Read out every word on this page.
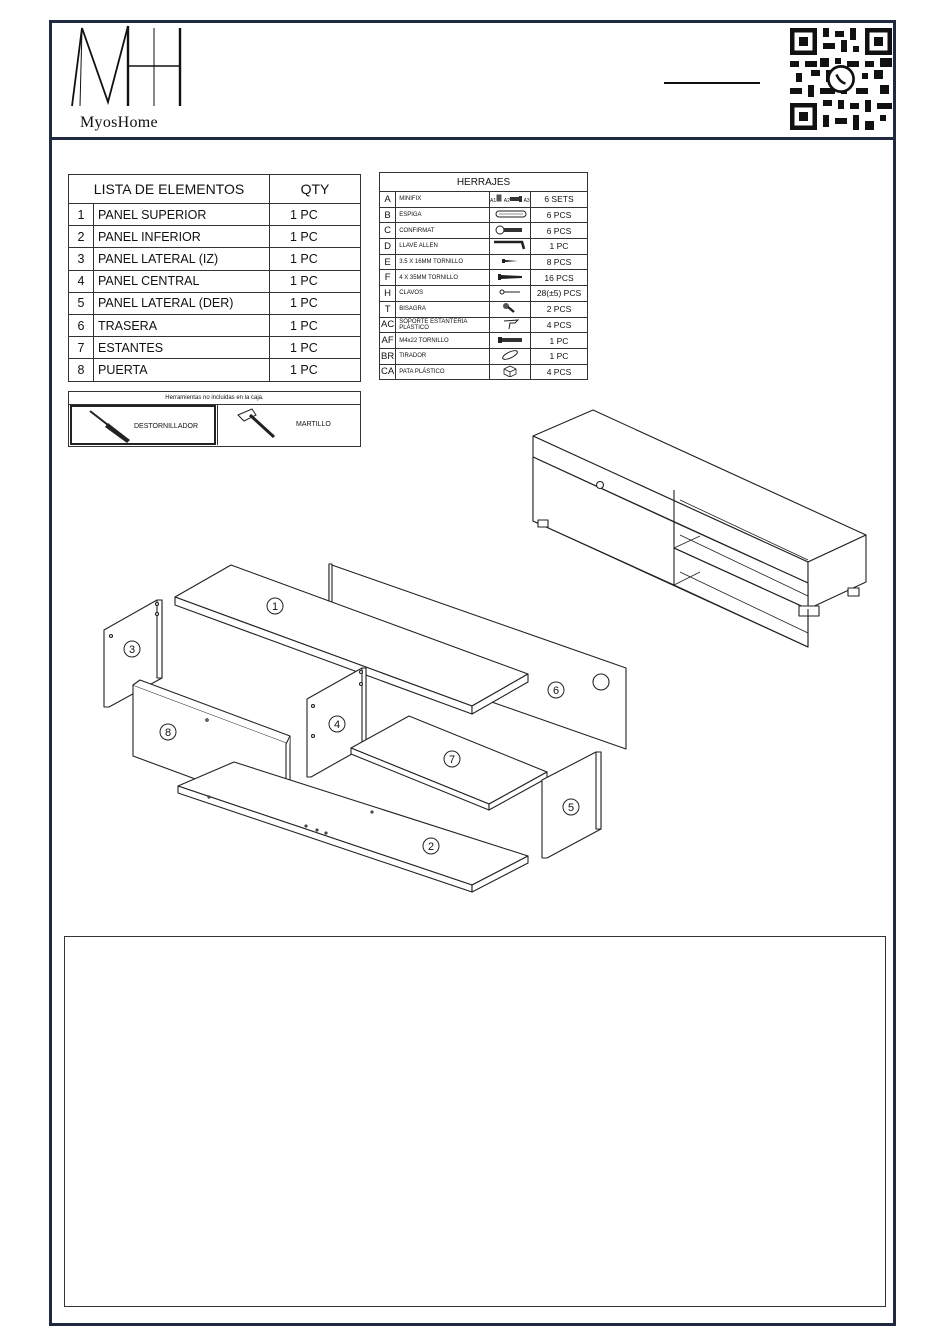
MyosHome
LISTA DE ELEMENTOS		QTY
1	PANEL SUPERIOR	1 PC
2	PANEL INFERIOR	1 PC
3	PANEL LATERAL (IZ)	1 PC
4	PANEL CENTRAL	1 PC
5	PANEL LATERAL (DER)	1 PC
6	TRASERA	1 PC
7	ESTANTES	1 PC
8	PUERTA	1 PC
HERRAJES			
A	MINIFIX	A1 A2 A3	6 SETS
B	ESPIGA		6 PCS
C	CONFIRMAT		6 PCS
D	LLAVE ALLEN		1 PC
E	3.5 X 16MM TORNILLO		8 PCS
F	4 X 35MM TORNILLO		16 PCS
H	CLAVOS		28(±5) PCS
T	BISAGRA		2 PCS
AC	SOPORTE ESTANTERÍA PLÁSTICO		4 PCS
AF	M4x22 TORNILLO		1 PC
BR	TIRADOR		1 PC
CA	PATA PLÁSTICO		4 PCS
Herramientas no incluidas en la caja.
DESTORNILLADOR	MARTILLO
1
2
3
4
5
6
7
8
